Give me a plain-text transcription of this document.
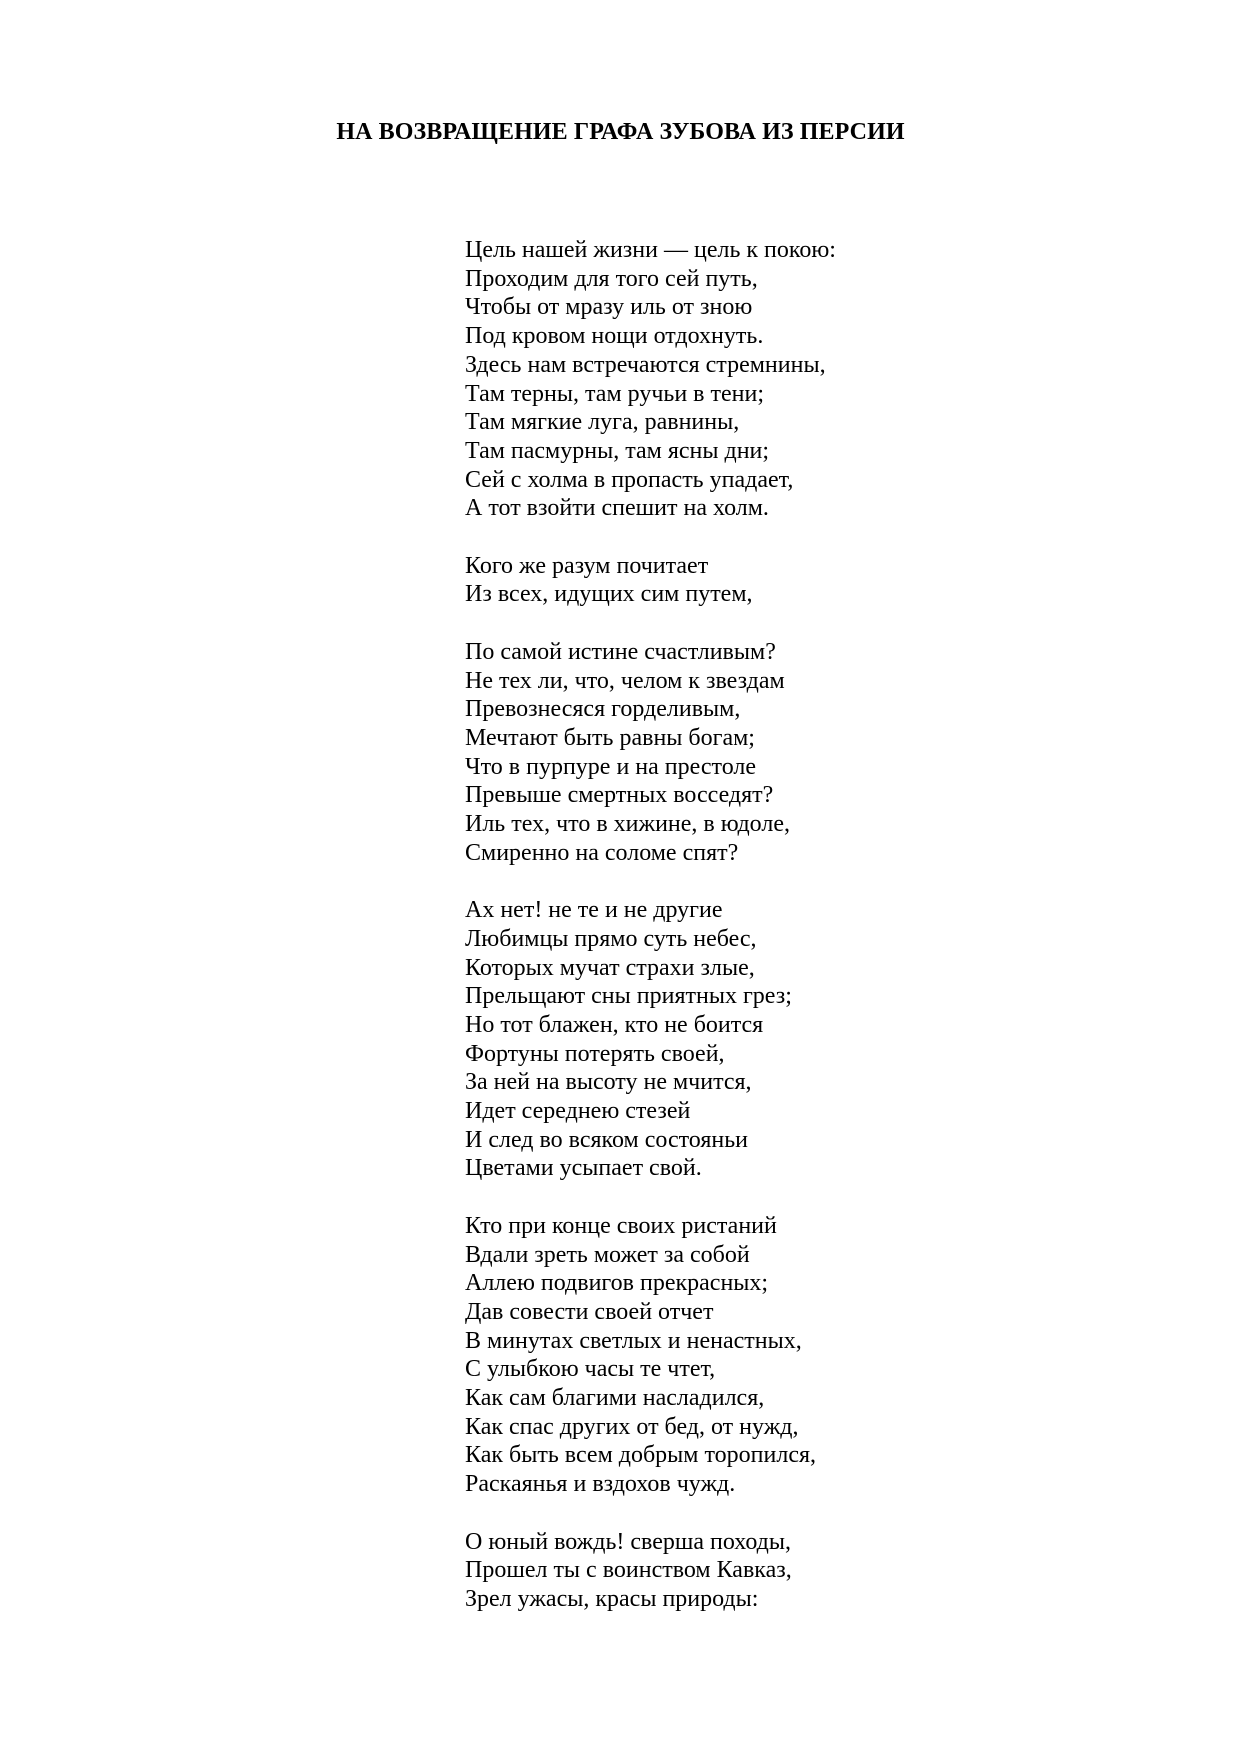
НА ВОЗВРАЩЕНИЕ ГРАФА ЗУБОВА ИЗ ПЕРСИИ
Цель нашей жизни — цель к покою:
Проходим для того сей путь,
Чтобы от мразу иль от зною
Под кровом нощи отдохнуть.
Здесь нам встречаются стремнины,
Там терны, там ручьи в тени;
Там мягкие луга, равнины,
Там пасмурны, там ясны дни;
Сей с холма в пропасть упадает,
А тот взойти спешит на холм.
Кого же разум почитает
Из всех, идущих сим путем,
По самой истине счастливым?
Не тех ли, что, челом к звездам
Превознесяся горделивым,
Мечтают быть равны богам;
Что в пурпуре и на престоле
Превыше смертных восседят?
Иль тех, что в хижине, в юдоле,
Смиренно на соломе спят?
Ах нет! не те и не другие
Любимцы прямо суть небес,
Которых мучат страхи злые,
Прельщают сны приятных грез;
Но тот блажен, кто не боится
Фортуны потерять своей,
За ней на высоту не мчится,
Идет середнею стезей
И след во всяком состояньи
Цветами усыпает свой.
Кто при конце своих ристаний
Вдали зреть может за собой
Аллею подвигов прекрасных;
Дав совести своей отчет
В минутах светлых и ненастных,
С улыбкою часы те чтет,
Как сам благими насладился,
Как спас других от бед, от нужд,
Как быть всем добрым торопился,
Раскаянья и вздохов чужд.
О юный вождь! сверша походы,
Прошел ты с воинством Кавказ,
Зрел ужасы, красы природы:
